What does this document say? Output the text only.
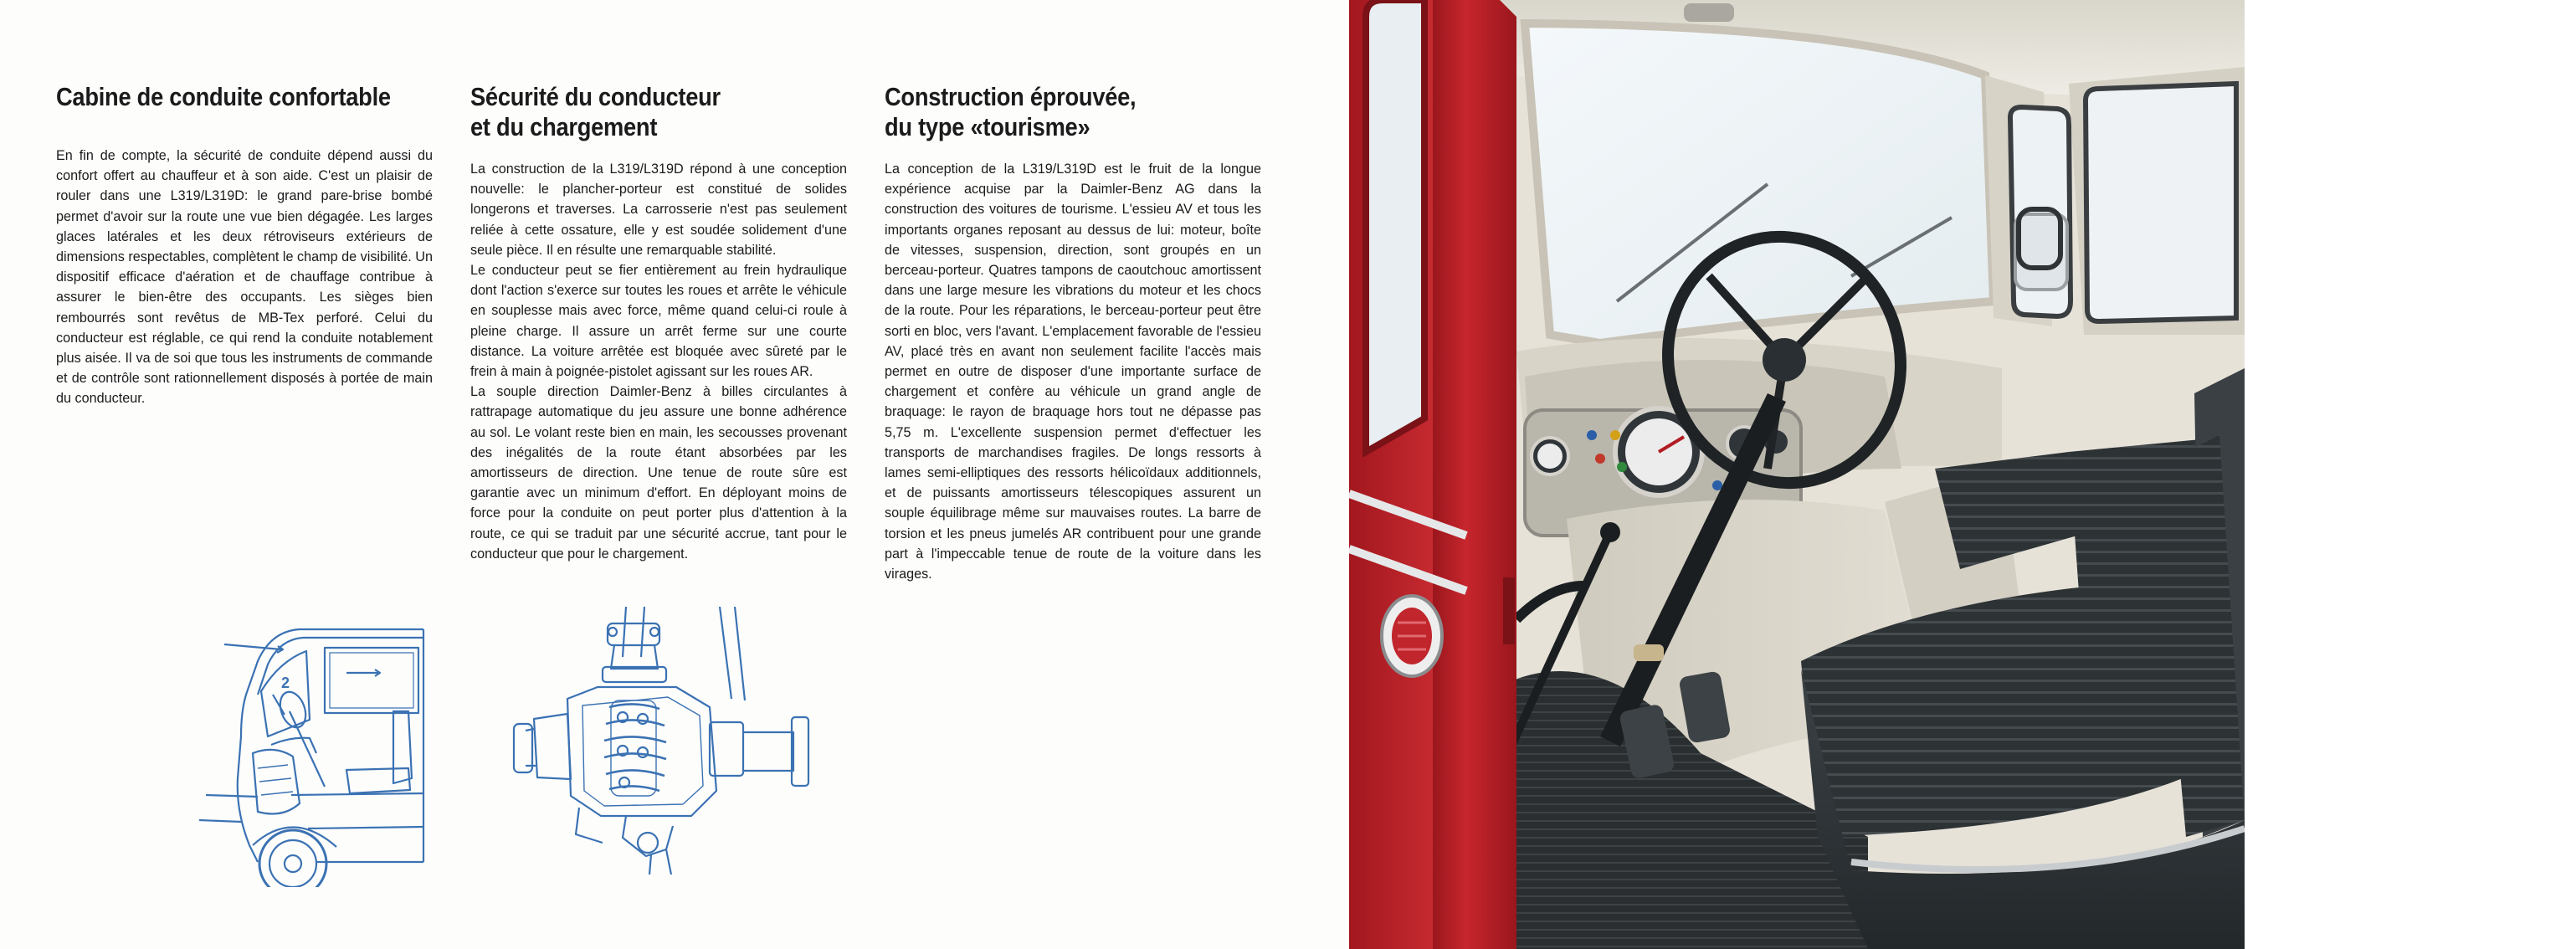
Cabine de conduite confortable

En fin de compte, la sécurité de conduite dépend aussi du confort offert au chauffeur et à son aide. C'est un plaisir de rouler dans une L319/L319D: le grand pare-brise bombé permet d'avoir sur la route une vue bien dégagée. Les larges glaces latérales et les deux rétroviseurs extérieurs de dimensions respectables, complètent le champ de visibilité. Un dispositif efficace d'aération et de chauffage contribue à assurer le bien-être des occupants. Les sièges bien rembourrés sont revêtus de MB-Tex perforé. Celui du conducteur est réglable, ce qui rend la conduite notablement plus aisée. Il va de soi que tous les instruments de commande et de contrôle sont rationnellement disposés à portée de main du conducteur.

Sécurité du conducteur
et du chargement

La construction de la L319/L319D répond à une conception nouvelle: le plancher-porteur est constitué de solides longerons et traverses. La carrosserie n'est pas seulement reliée à cette ossature, elle y est soudée solidement d'une seule pièce. Il en résulte une remarquable stabilité.

Le conducteur peut se fier entièrement au frein hydraulique dont l'action s'exerce sur toutes les roues et arrête le véhicule en souplesse mais avec force, même quand celui-ci roule à pleine charge. Il assure un arrêt ferme sur une courte distance. La voiture arrêtée est bloquée avec sûreté par le frein à main à poignée-pistolet agissant sur les roues AR.

La souple direction Daimler-Benz à billes circulantes à rattrapage automatique du jeu assure une bonne adhérence au sol. Le volant reste bien en main, les secousses provenant des inégalités de la route étant absorbées par les amortisseurs de direction. Une tenue de route sûre est garantie avec un minimum d'effort. En déployant moins de force pour la conduite on peut porter plus d'attention à la route, ce qui se traduit par une sécurité accrue, tant pour le conducteur que pour le chargement.

Construction éprouvée,
du type «tourisme»

La conception de la L319/L319D est le fruit de la longue expérience acquise par la Daimler-Benz AG dans la construction des voitures de tourisme. L'essieu AV et tous les importants organes reposant au dessus de lui: moteur, boîte de vitesses, suspension, direction, sont groupés en un berceau-porteur. Quatres tampons de caoutchouc amortissent dans une large mesure les vibrations du moteur et les chocs de la route. Pour les réparations, le berceau-porteur peut être sorti en bloc, vers l'avant. L'emplacement favorable de l'essieu AV, placé très en avant non seulement facilite l'accès mais permet en outre de disposer d'une importante surface de chargement et confère au véhicule un grand angle de braquage: le rayon de braquage hors tout ne dépasse pas 5,75 m. L'excellente suspension permet d'effectuer les transports de marchandises fragiles. De longs ressorts à lames semi-elliptiques des ressorts hélicoïdaux additionnels, et de puissants amortisseurs télescopiques assurent un souple équilibrage même sur mauvaises routes. La barre de torsion et les pneus jumelés AR contribuent pour une grande part à l'impeccable tenue de route de la voiture dans les virages.

2
